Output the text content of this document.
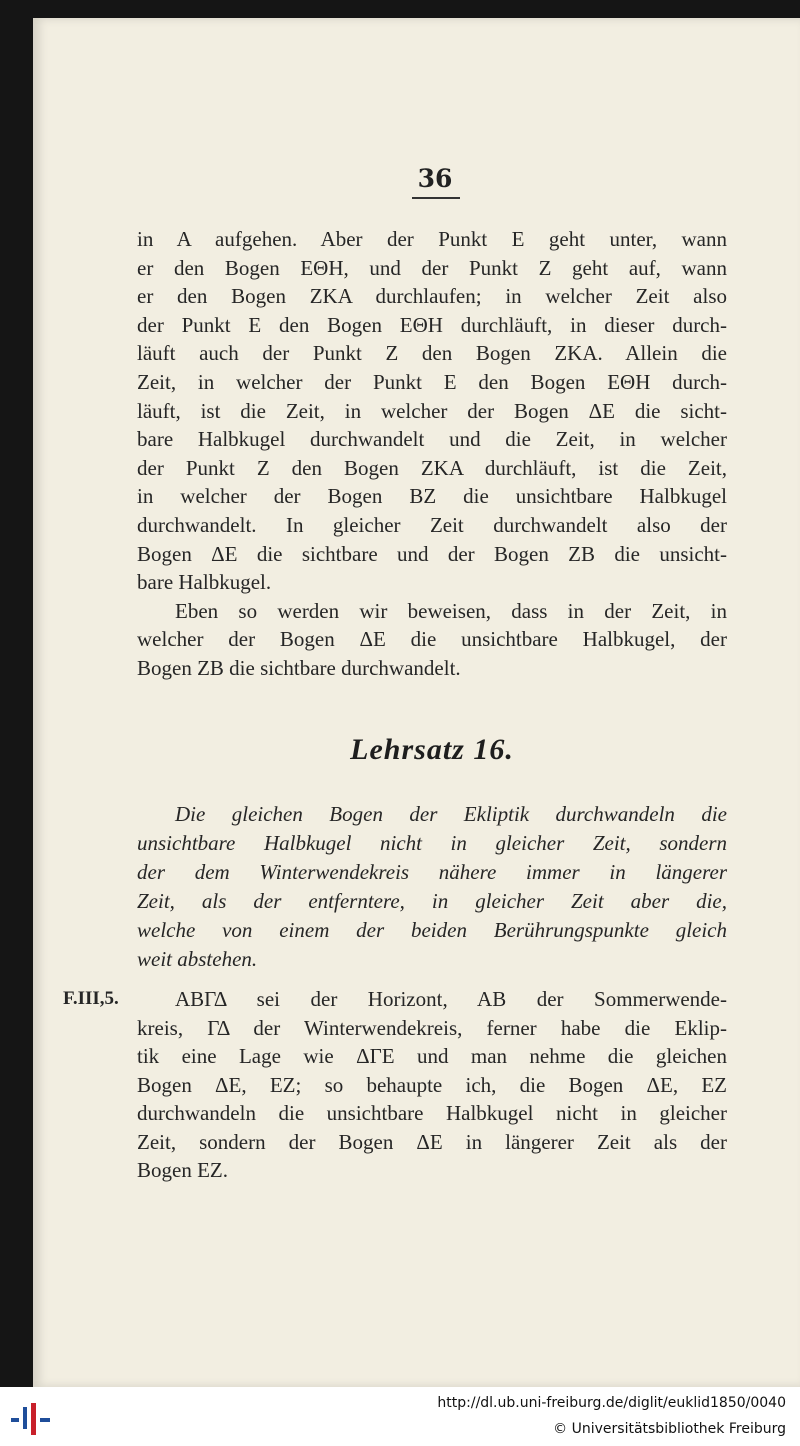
36
in A aufgehen. Aber der Punkt E geht unter, wann
er den Bogen EΘH, und der Punkt Z geht auf, wann
er den Bogen ZKA durchlaufen; in welcher Zeit also
der Punkt E den Bogen EΘH durchläuft, in dieser durch-
läuft auch der Punkt Z den Bogen ZKA. Allein die
Zeit, in welcher der Punkt E den Bogen EΘH durch-
läuft, ist die Zeit, in welcher der Bogen ΔE die sicht-
bare Halbkugel durchwandelt und die Zeit, in welcher
der Punkt Z den Bogen ZKA durchläuft, ist die Zeit,
in welcher der Bogen BZ die unsichtbare Halbkugel
durchwandelt. In gleicher Zeit durchwandelt also der
Bogen ΔE die sichtbare und der Bogen ZB die unsicht-
bare Halbkugel.
Eben so werden wir beweisen, dass in der Zeit, in
welcher der Bogen ΔE die unsichtbare Halbkugel, der
Bogen ZB die sichtbare durchwandelt.
Lehrsatz 16.
Die gleichen Bogen der Ekliptik durchwandeln die
unsichtbare Halbkugel nicht in gleicher Zeit, sondern
der dem Winterwendekreis nähere immer in längerer
Zeit, als der entferntere, in gleicher Zeit aber die,
welche von einem der beiden Berührungspunkte gleich
weit abstehen.
F.III,5.	ABΓΔ sei der Horizont, AB der Sommerwende-
kreis, ΓΔ der Winterwendekreis, ferner habe die Eklip-
tik eine Lage wie ΔΓE und man nehme die gleichen
Bogen ΔE, EZ; so behaupte ich, die Bogen ΔE, EZ
durchwandeln die unsichtbare Halbkugel nicht in gleicher
Zeit, sondern der Bogen ΔE in längerer Zeit als der
Bogen EZ.
http://dl.ub.uni-freiburg.de/diglit/euklid1850/0040
© Universitätsbibliothek Freiburg
